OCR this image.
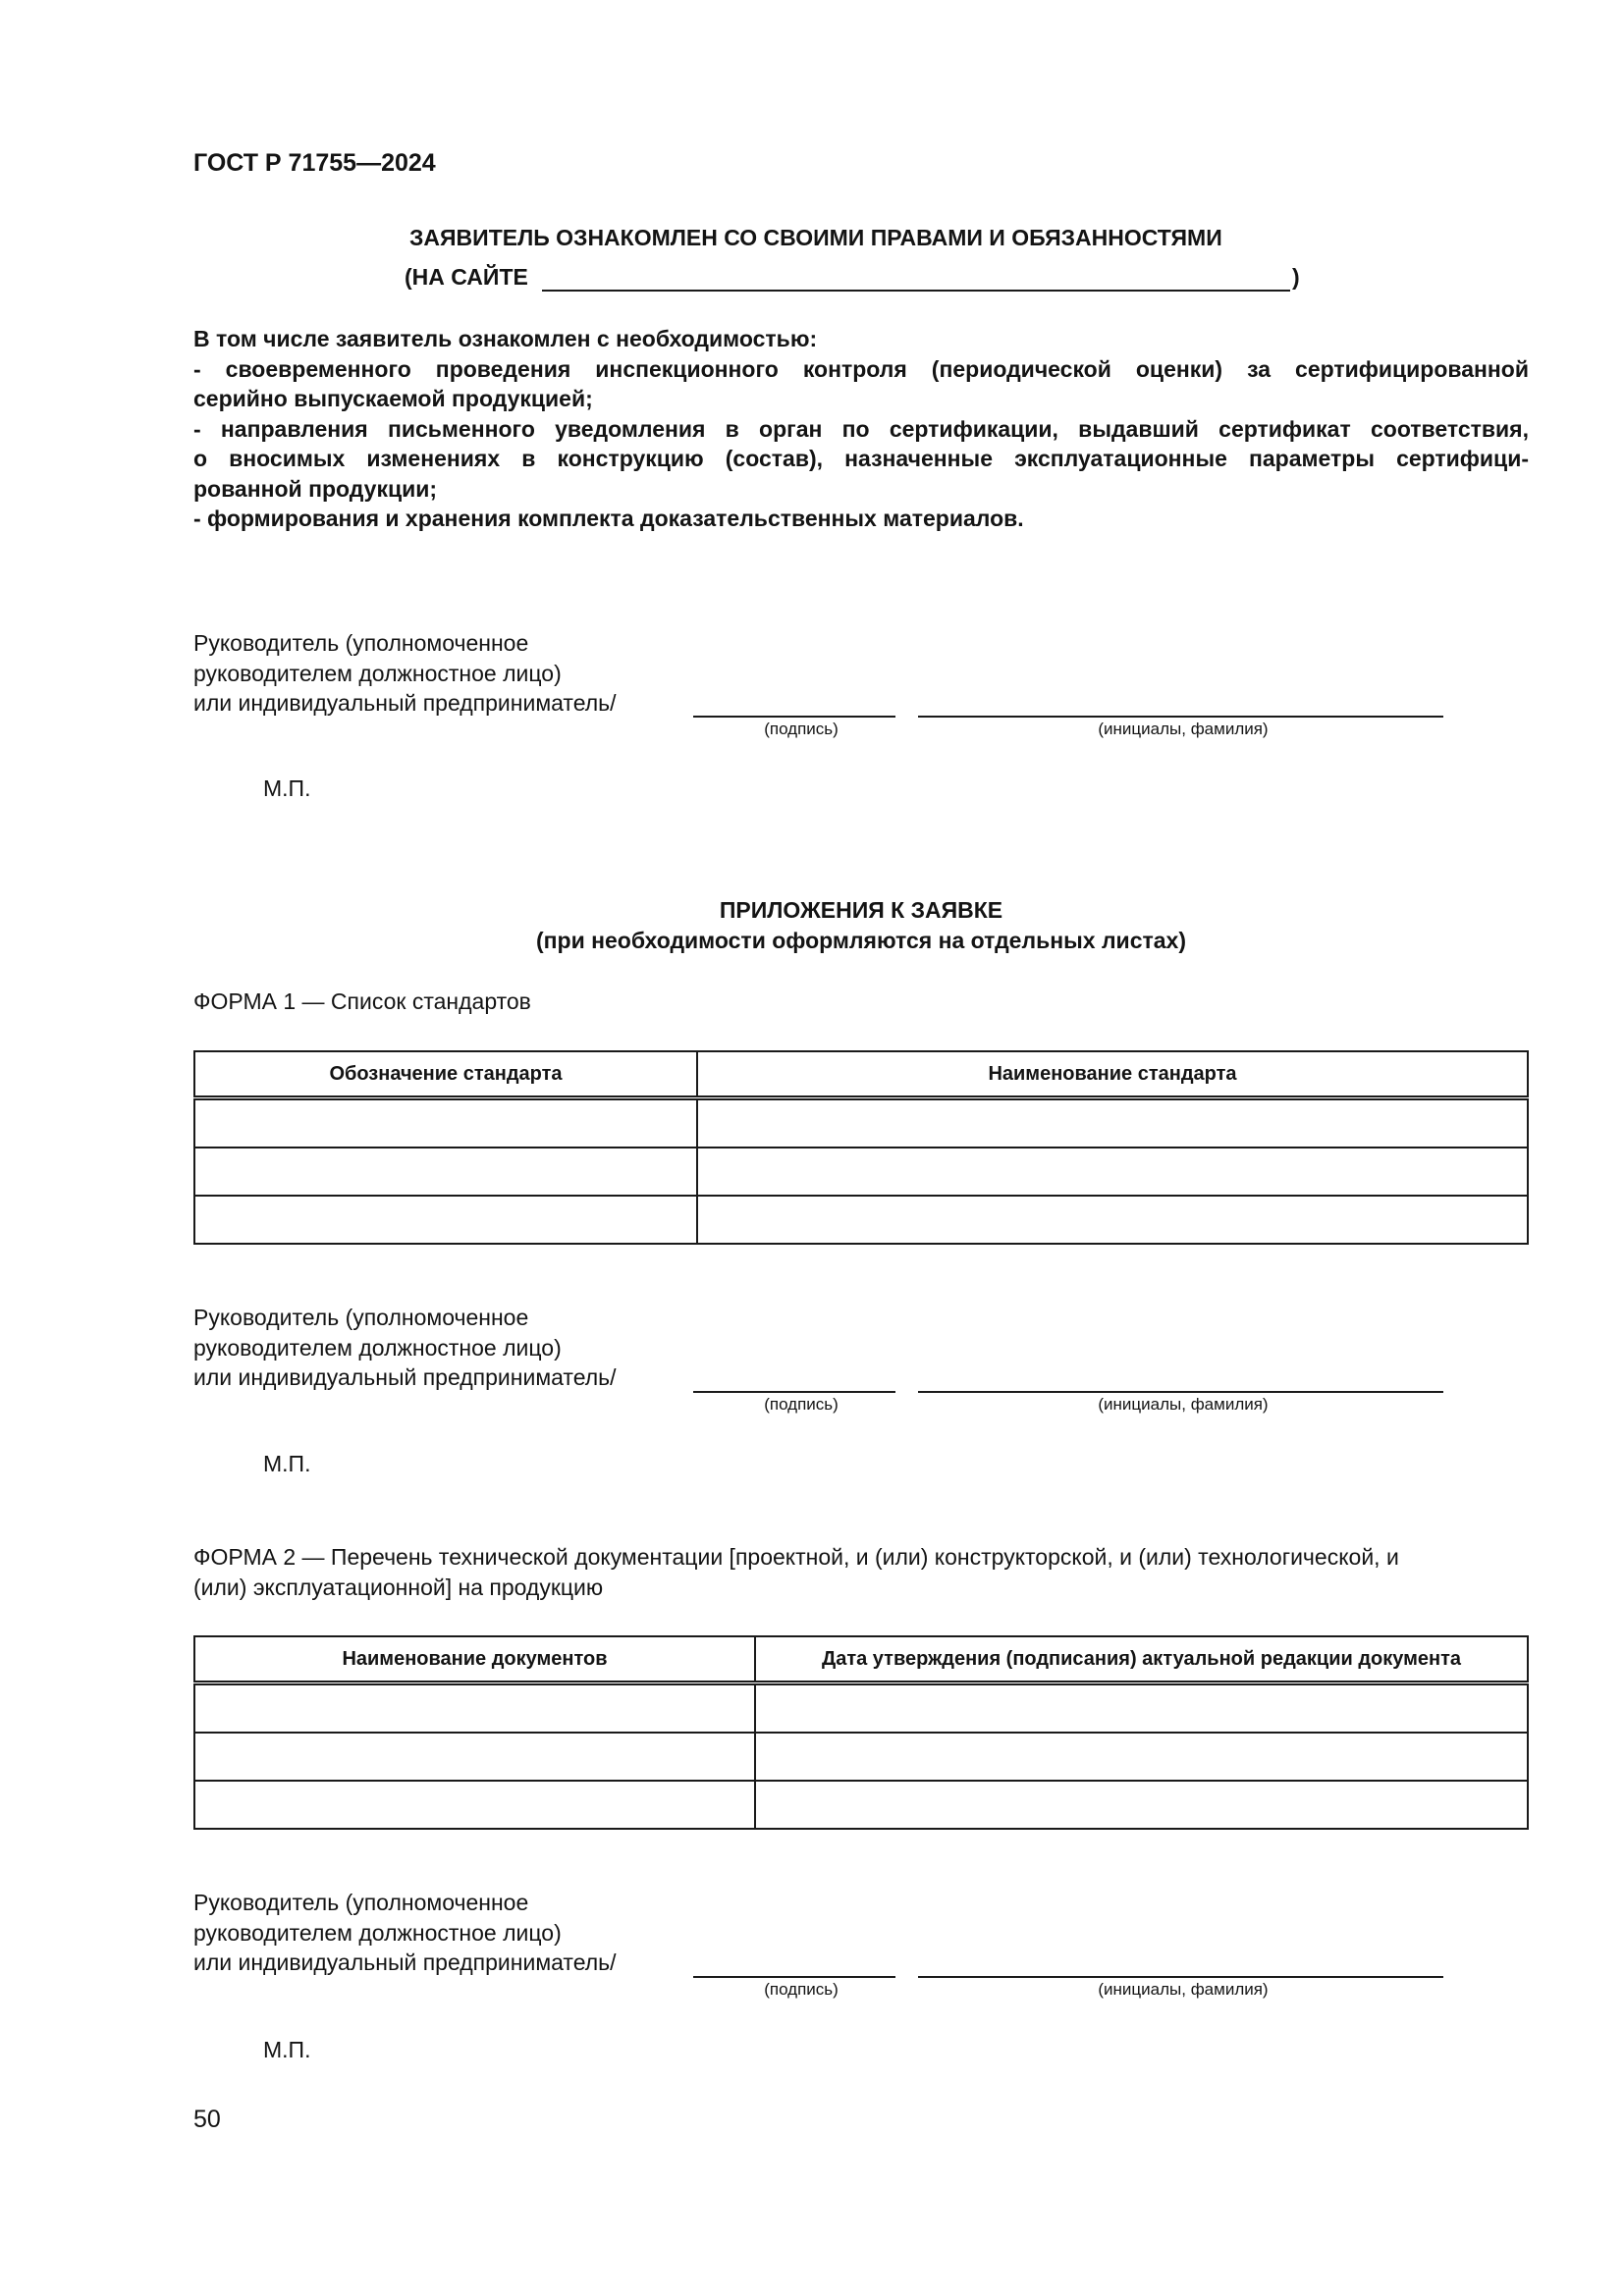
ГОСТ Р 71755—2024
ЗАЯВИТЕЛЬ ОЗНАКОМЛЕН СО СВОИМИ ПРАВАМИ И ОБЯЗАННОСТЯМИ
(НА САЙТЕ	)
В том числе заявитель ознакомлен с необходимостью:
- своевременного проведения инспекционного контроля (периодической оценки) за сертифицированной
серийно выпускаемой продукцией;
- направления письменного уведомления в орган по сертификации, выдавший сертификат соответствия,
о вносимых изменениях в конструкцию (состав), назначенные эксплуатационные параметры сертифици-
рованной продукции;
- формирования и хранения комплекта доказательственных материалов.
Руководитель (уполномоченное
руководителем должностное лицо)
или индивидуальный предприниматель/
(подпись)	(инициалы, фамилия)
М.П.
ПРИЛОЖЕНИЯ К ЗАЯВКЕ
(при необходимости оформляются на отдельных листах)
ФОРМА 1 — Список стандартов
Обозначение стандарта	Наименование стандарта

Руководитель (уполномоченное
руководителем должностное лицо)
или индивидуальный предприниматель/
(подпись)	(инициалы, фамилия)
М.П.
ФОРМА 2 — Перечень технической документации [проектной, и (или) конструкторской, и (или) технологической, и
(или) эксплуатационной] на продукцию
Наименование документов	Дата утверждения (подписания) актуальной редакции документа

Руководитель (уполномоченное
руководителем должностное лицо)
или индивидуальный предприниматель/
(подпись)	(инициалы, фамилия)
М.П.
50
